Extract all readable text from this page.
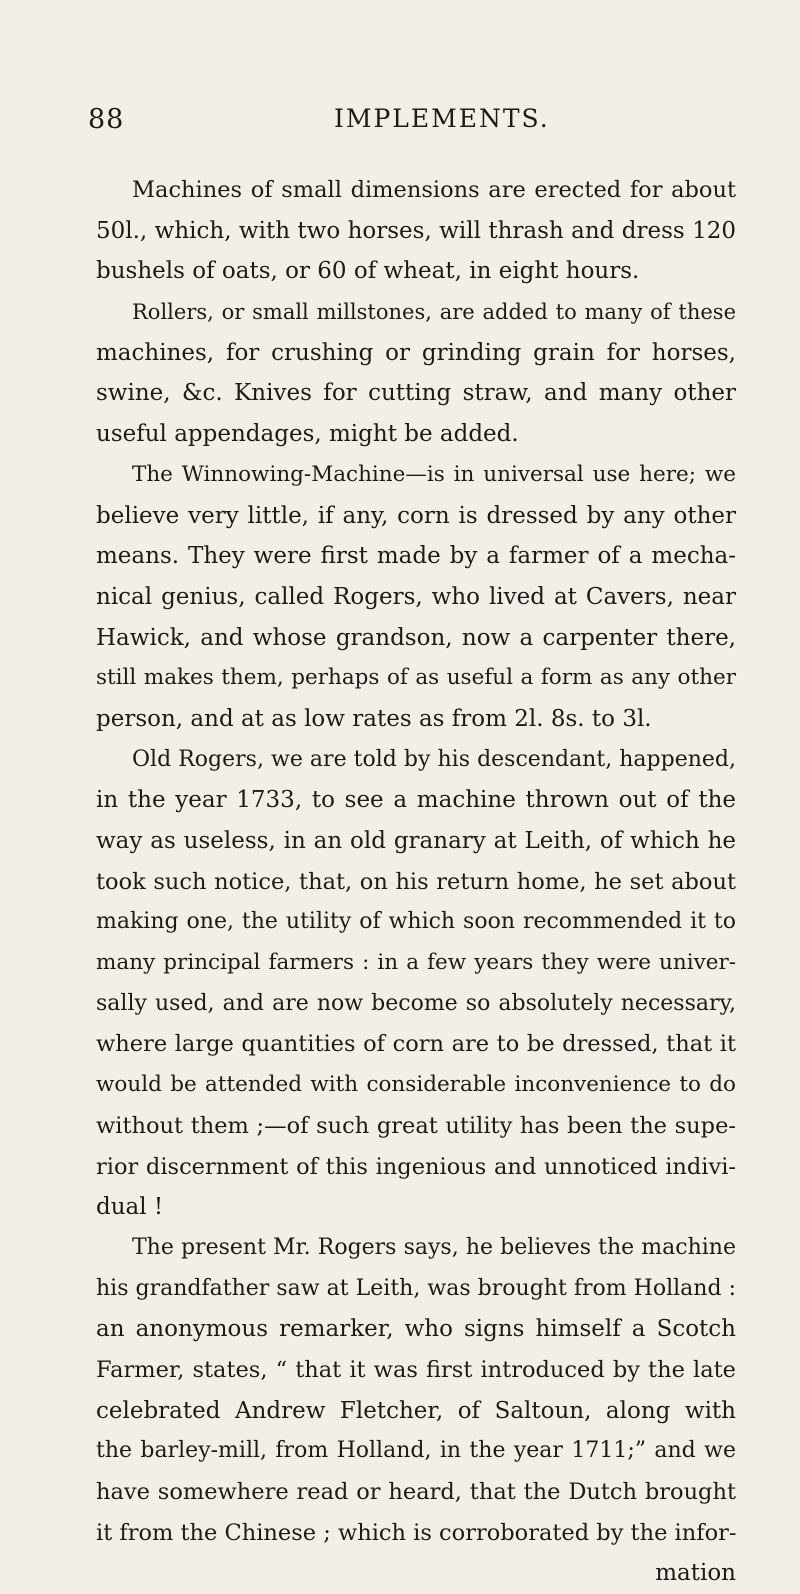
88	IMPLEMENTS.
Machines of small dimensions are erected for about
50l., which, with two horses, will thrash and dress 120
bushels of oats, or 60 of wheat, in eight hours.
Rollers, or small millstones, are added to many of these
machines, for crushing or grinding grain for horses,
swine, &c. Knives for cutting straw, and many other
useful appendages, might be added.
The Winnowing-Machine—is in universal use here; we
believe very little, if any, corn is dressed by any other
means. They were first made by a farmer of a mecha-
nical genius, called Rogers, who lived at Cavers, near
Hawick, and whose grandson, now a carpenter there,
still makes them, perhaps of as useful a form as any other
person, and at as low rates as from 2l. 8s. to 3l.
Old Rogers, we are told by his descendant, happened,
in the year 1733, to see a machine thrown out of the
way as useless, in an old granary at Leith, of which he
took such notice, that, on his return home, he set about
making one, the utility of which soon recommended it to
many principal farmers : in a few years they were univer-
sally used, and are now become so absolutely necessary,
where large quantities of corn are to be dressed, that it
would be attended with considerable inconvenience to do
without them ;—of such great utility has been the supe-
rior discernment of this ingenious and unnoticed indivi-
dual !
The present Mr. Rogers says, he believes the machine
his grandfather saw at Leith, was brought from Holland :
an anonymous remarker, who signs himself a Scotch
Farmer, states, “ that it was first introduced by the late
celebrated Andrew Fletcher, of Saltoun, along with
the barley-mill, from Holland, in the year 1711;” and we
have somewhere read or heard, that the Dutch brought
it from the Chinese ; which is corroborated by the infor-
mation
